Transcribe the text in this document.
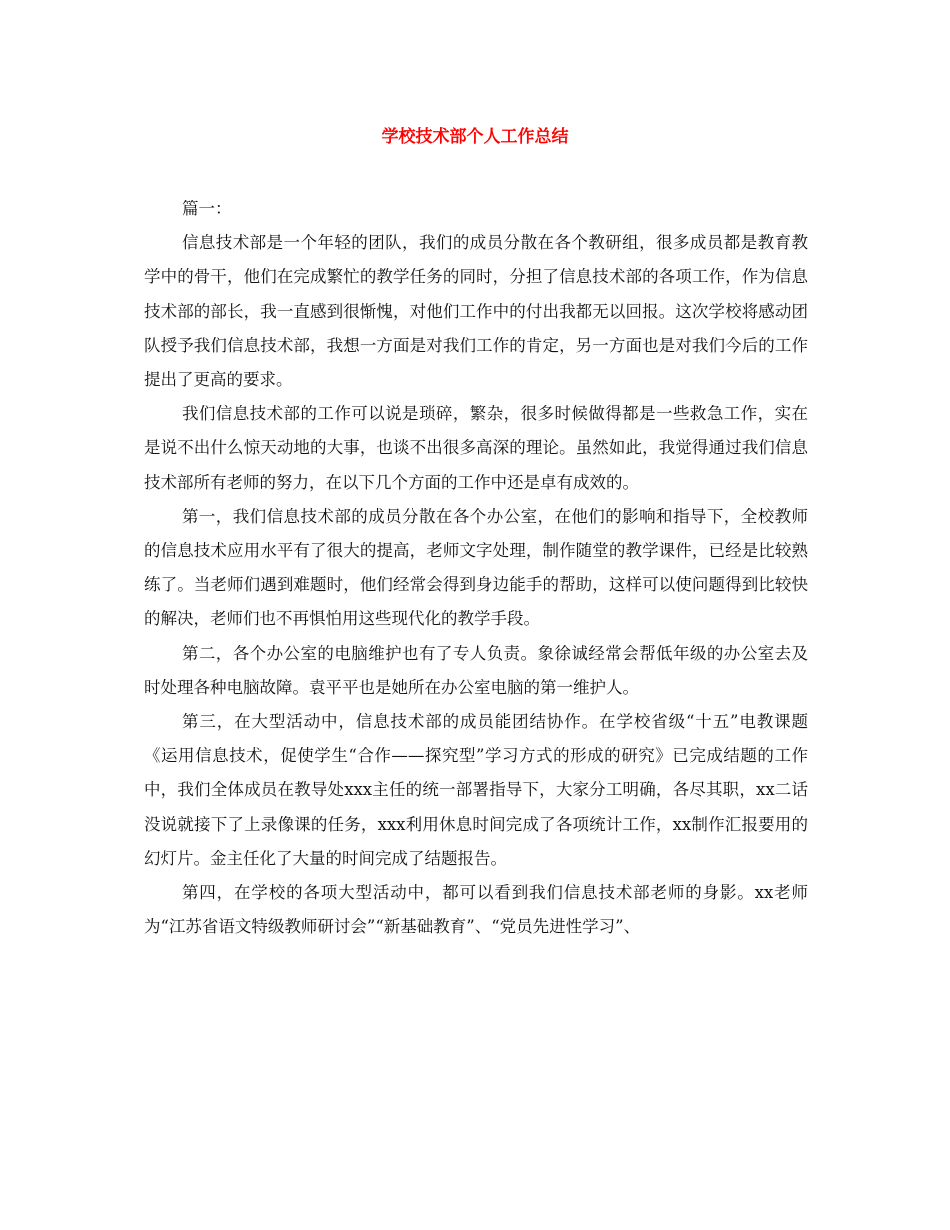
学校技术部个人工作总结

篇一：

信息技术部是一个年轻的团队，我们的成员分散在各个教研组，很多成员都是教育教学中的骨干，他们在完成繁忙的教学任务的同时，分担了信息技术部的各项工作，作为信息技术部的部长，我一直感到很惭愧，对他们工作中的付出我都无以回报。这次学校将感动团队授予我们信息技术部，我想一方面是对我们工作的肯定，另一方面也是对我们今后的工作提出了更高的要求。

我们信息技术部的工作可以说是琐碎，繁杂，很多时候做得都是一些救急工作，实在是说不出什么惊天动地的大事，也谈不出很多高深的理论。虽然如此，我觉得通过我们信息技术部所有老师的努力，在以下几个方面的工作中还是卓有成效的。

第一，我们信息技术部的成员分散在各个办公室，在他们的影响和指导下，全校教师的信息技术应用水平有了很大的提高，老师文字处理，制作随堂的教学课件，已经是比较熟练了。当老师们遇到难题时，他们经常会得到身边能手的帮助，这样可以使问题得到比较快的解决，老师们也不再惧怕用这些现代化的教学手段。

第二，各个办公室的电脑维护也有了专人负责。象徐诚经常会帮低年级的办公室去及时处理各种电脑故障。袁平平也是她所在办公室电脑的第一维护人。

第三，在大型活动中，信息技术部的成员能团结协作。在学校省级“十五”电教课题《运用信息技术，促使学生“合作——探究型”学习方式的形成的研究》已完成结题的工作中，我们全体成员在教导处xxx主任的统一部署指导下，大家分工明确，各尽其职，xx二话没说就接下了上录像课的任务，xxx利用休息时间完成了各项统计工作，xx制作汇报要用的幻灯片。金主任化了大量的时间完成了结题报告。

第四，在学校的各项大型活动中，都可以看到我们信息技术部老师的身影。xx老师为“江苏省语文特级教师研讨会”“新基础教育”、“党员先进性学习”、
